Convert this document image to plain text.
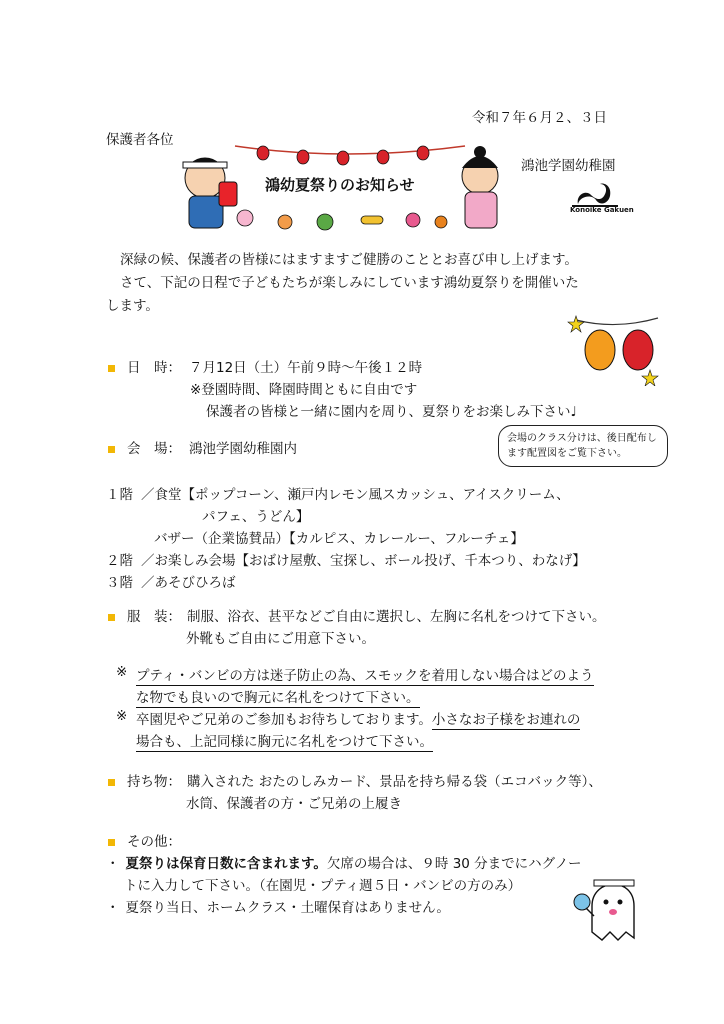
令和７年６月２、３日
保護者各位
鴻池学園幼稚園
Konoike Gakuen
鴻幼夏祭りのお知らせ
深緑の候、保護者の皆様にはますますご健勝のこととお喜び申し上げます。
さて、下記の日程で子どもたちが楽しみにしています鴻幼夏祭りを開催いた
します。
日　時： ７月12日（土）午前９時～午後１２時
※登園時間、降園時間ともに自由です
保護者の皆様と一緒に園内を周り、夏祭りをお楽しみ下さい♩
会　場： 鴻池学園幼稚園内
会場のクラス分けは、後日配布します配置図をご覧下さい。
１階 ／食堂【ポップコーン、瀬戸内レモン風スカッシュ、アイスクリーム、
パフェ、うどん】
バザー（企業協賛品）【カルピス、カレールー、フルーチェ】
２階 ／お楽しみ会場【おばけ屋敷、宝探し、ボール投げ、千本つり、わなげ】
３階 ／あそびひろば
服　装： 制服、浴衣、甚平などご自由に選択し、左胸に名札をつけて下さい。
外靴もご自由にご用意下さい。
※ プティ・バンビの方は迷子防止の為、スモックを着用しない場合はどのよう
な物でも良いので胸元に名札をつけて下さい。
※ 卒園児やご兄弟のご参加もお待ちしております。小さなお子様をお連れの
場合も、上記同様に胸元に名札をつけて下さい。
持ち物： 購入された おたのしみカード、景品を持ち帰る袋（エコバック等）、
水筒、保護者の方・ご兄弟の上履き
その他：
・ 夏祭りは保育日数に含まれます。欠席の場合は、９時 30 分までにハグノー
トに入力して下さい。（在園児・プティ週５日・バンビの方のみ）
・ 夏祭り当日、ホームクラス・土曜保育はありません。
